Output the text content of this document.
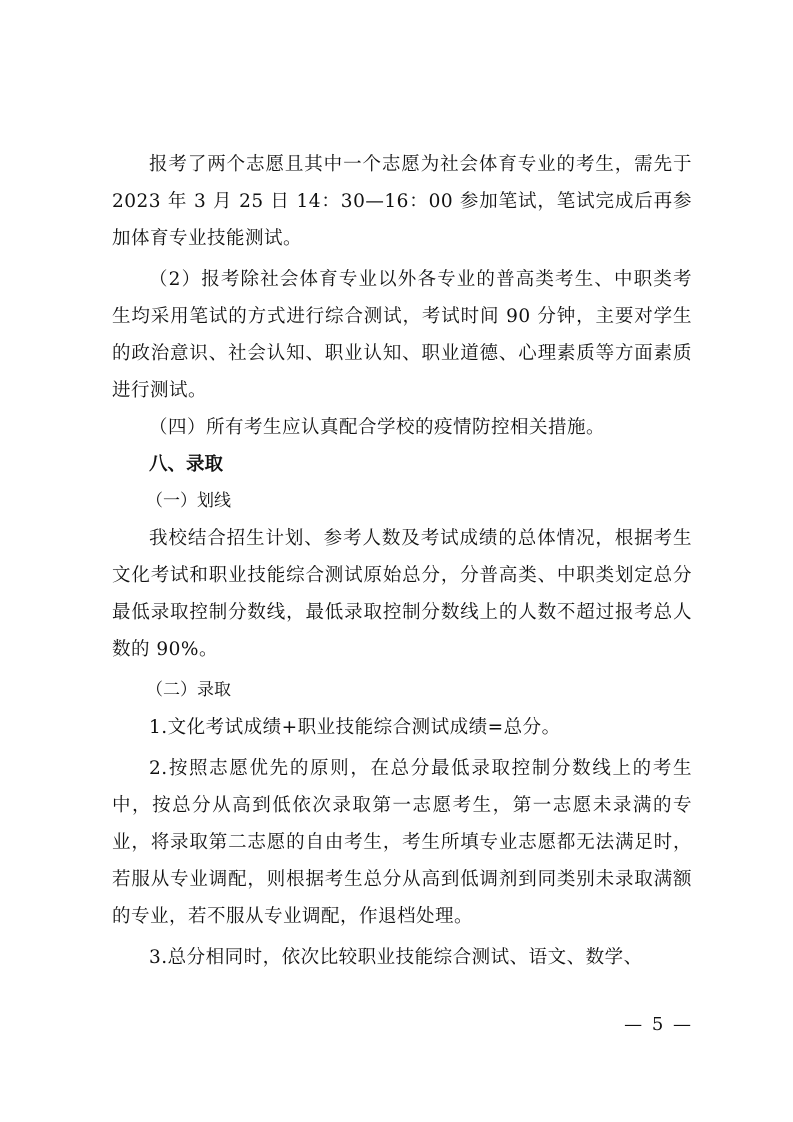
报考了两个志愿且其中一个志愿为社会体育专业的考生，需先于 2023 年 3 月 25 日 14：30—16：00 参加笔试，笔试完成后再参加体育专业技能测试。

（2）报考除社会体育专业以外各专业的普高类考生、中职类考生均采用笔试的方式进行综合测试，考试时间 90 分钟，主要对学生的政治意识、社会认知、职业认知、职业道德、心理素质等方面素质进行测试。

（四）所有考生应认真配合学校的疫情防控相关措施。

八、录取

（一）划线

我校结合招生计划、参考人数及考试成绩的总体情况，根据考生文化考试和职业技能综合测试原始总分，分普高类、中职类划定总分最低录取控制分数线，最低录取控制分数线上的人数不超过报考总人数的 90%。

（二）录取

1.文化考试成绩+职业技能综合测试成绩=总分。

2.按照志愿优先的原则，在总分最低录取控制分数线上的考生中，按总分从高到低依次录取第一志愿考生，第一志愿未录满的专业，将录取第二志愿的自由考生，考生所填专业志愿都无法满足时，若服从专业调配，则根据考生总分从高到低调剂到同类别未录取满额的专业，若不服从专业调配，作退档处理。

3.总分相同时，依次比较职业技能综合测试、语文、数学、

— 5 —
